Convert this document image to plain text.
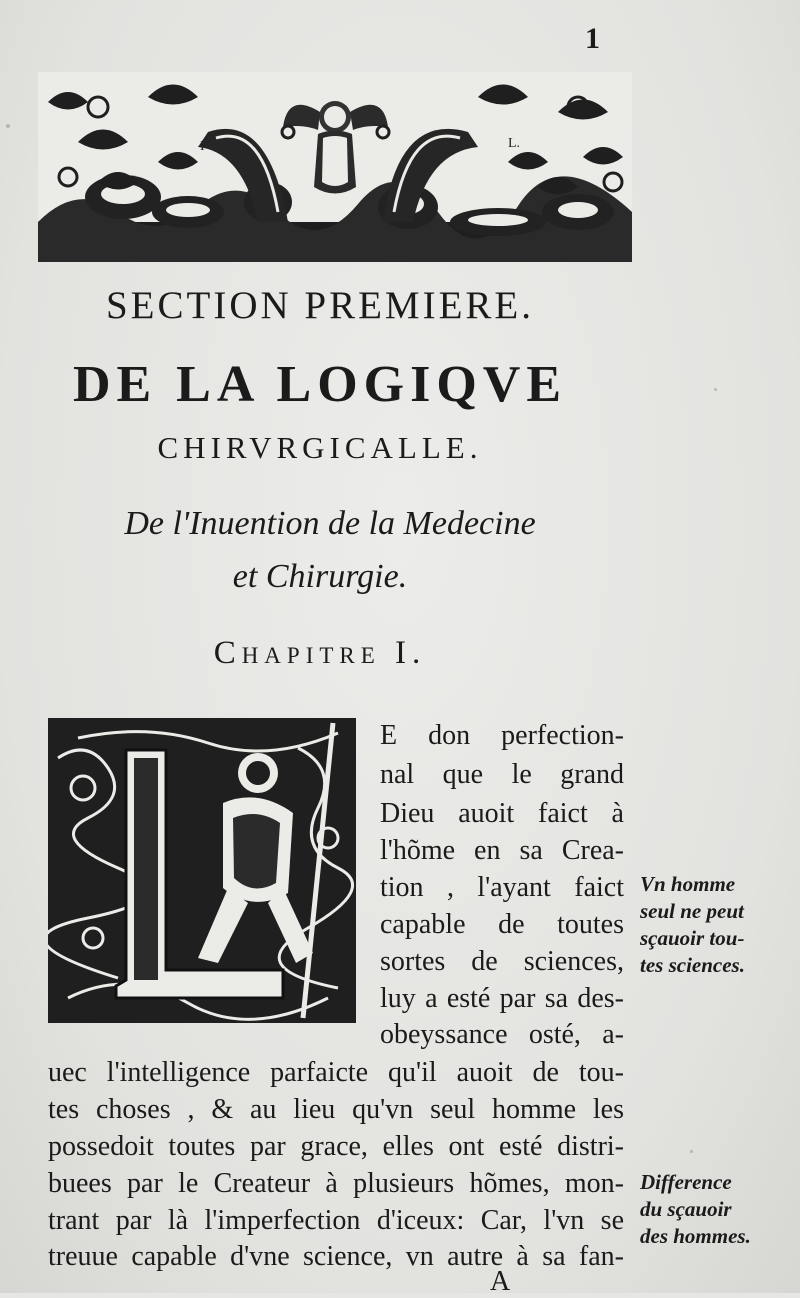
1
I	L.
SECTION PREMIERE.
DE LA LOGIQVE
CHIRVRGICALLE.
De l'Inuention de la Medecine
et Chirurgie.
Chapitre I.
E don perfection-
nal que le grand
Dieu auoit faict à
l'hõme en sa Crea-
tion , l'ayant faict
capable de toutes
sortes de sciences,
luy a esté par sa des-
obeyssance osté, a-
uec l'intelligence parfaicte qu'il auoit de tou-
tes choses , & au lieu qu'vn seul homme les
possedoit toutes par grace, elles ont esté distri-
buees par le Createur à plusieurs hõmes, mon-
trant par là l'imperfection d'iceux: Car, l'vn se
treuue capable d'vne science, vn autre à sa fan-
Vn homme
seul ne peut
sçauoir tou-
tes sciences.
Difference
du sçauoir
des hommes.
A
